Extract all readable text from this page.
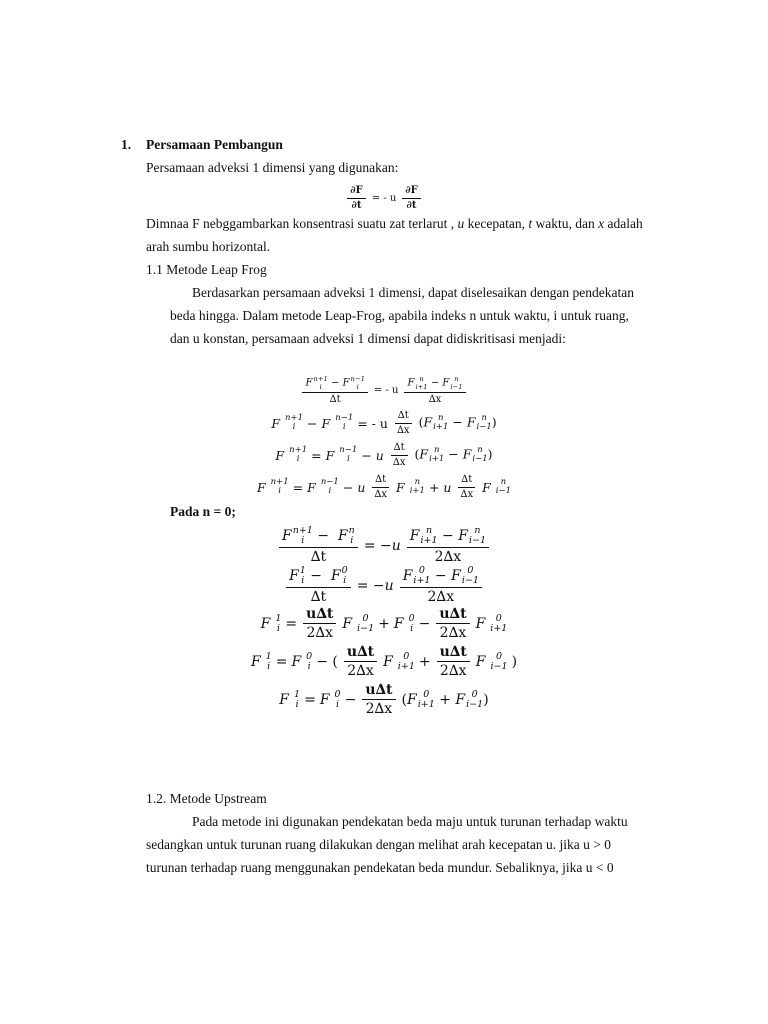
1. Persamaan Pembangun
Persamaan adveksi 1 dimensi yang digunakan:
$\frac{\partial F}{\partial t}$ = - u $\frac{\partial F}{\partial t}$
Dimnaa F nebggambarkan konsentrasi suatu zat terlarut , u kecepatan, t waktu, dan x adalah
arah sumbu horizontal.
1.1 Metode Leap Frog
Berdasarkan persamaan adveksi 1 dimensi, dapat diselesaikan dengan pendekatan
beda hingga. Dalam metode Leap-Frog, apabila indeks n untuk waktu, i untuk ruang,
dan u konstan, persamaan adveksi 1 dimensi dapat didiskritisasi menjadi:
F n+1
i − F n−1
i
∆t = - u F n
i+1 − F n
i−1
∆x
F n+1
i − F n−1
i = - u $\frac{\Delta t}{\Delta x} (F$ n
i+1 − F n
i−1 )
F n+1
i = F n−1
i − u $\frac{\Delta t}{\Delta x} (F$ n
i+1 − F n
i−1 )
F n+1
i = F n−1
i − u $\frac{\Delta t}{\Delta x}$ F	n
i+1 + u $\frac{\Delta t}{\Delta x}$ F	n
i−1
Pada n = 0;
F n+1
i −  F n
i
∆t = −u F n
i+1 − F n
i−1
2∆x
F 1
i −  F 0
i
∆t = −u F 0
i+1 − F 0
i−1
2∆x
F 1
$i = \frac{u\Delta t}{2\Delta x}$ F	0
i−1 + F 0
$i - \frac{u\Delta t}{2\Delta x}$ F	0
i+1
F 1
i = F 0
i − ( $\frac{u\Delta t}{2\Delta x}$ F	0
$i+1 + \frac{u\Delta t}{2\Delta x}$ F	0
i−1 )
F 1
i = F 0
$i - \frac{u\Delta t}{2\Delta x} (F$ 0
i+1 + F 0
i−1 )
1.2. Metode Upstream
Pada metode ini digunakan pendekatan beda maju untuk turunan terhadap waktu
sedangkan untuk turunan ruang dilakukan dengan melihat arah kecepatan u. jika u > 0
turunan terhadap ruang menggunakan pendekatan beda mundur. Sebaliknya, jika u < 0
